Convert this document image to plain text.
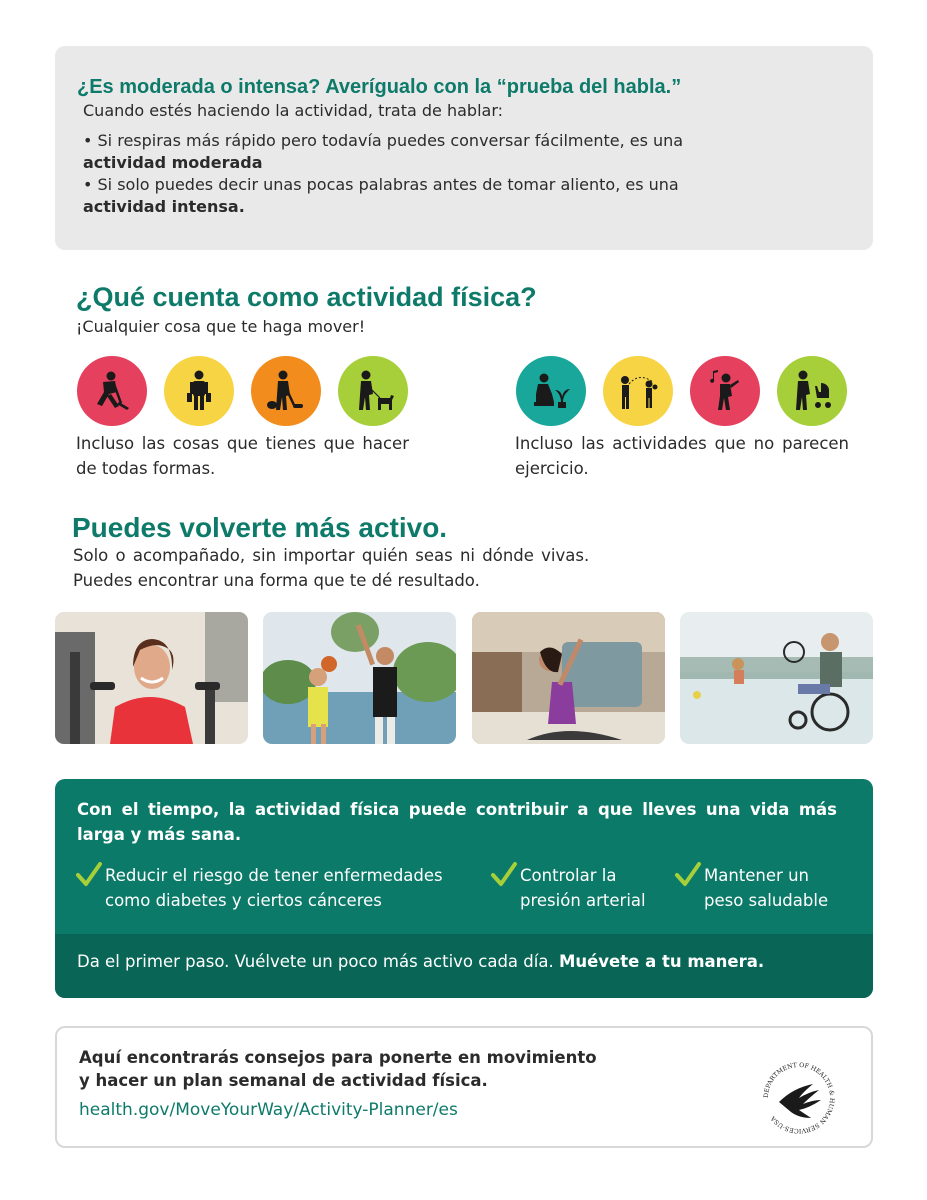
¿Es moderada o intensa? Averígualo con la “prueba del habla.”
Cuando estés haciendo la actividad, trata de hablar:
• Si respiras más rápido pero todavía puedes conversar fácilmente, es una
actividad moderada
• Si solo puedes decir unas pocas palabras antes de tomar aliento, es una
actividad intensa.
¿Qué cuenta como actividad física?
¡Cualquier cosa que te haga mover!
Incluso las cosas que tienes que hacer de todas formas.
Incluso las actividades que no parecen ejercicio.
Puedes volverte más activo.
Solo o acompañado, sin importar quién seas ni dónde vivas.
Puedes encontrar una forma que te dé resultado.
Con el tiempo, la actividad física puede contribuir a que lleves una vida más larga y más sana.
Reducir el riesgo de tener enfermedades
como diabetes y ciertos cánceres
Controlar la
presión arterial
Mantener un
peso saludable
Da el primer paso. Vuélvete un poco más activo cada día. Muévete a tu manera.
Aquí encontrarás consejos para ponerte en movimiento
y hacer un plan semanal de actividad física.
health.gov/MoveYourWay/Activity-Planner/es
DEPARTMENT OF HEALTH & HUMAN SERVICES·USA
